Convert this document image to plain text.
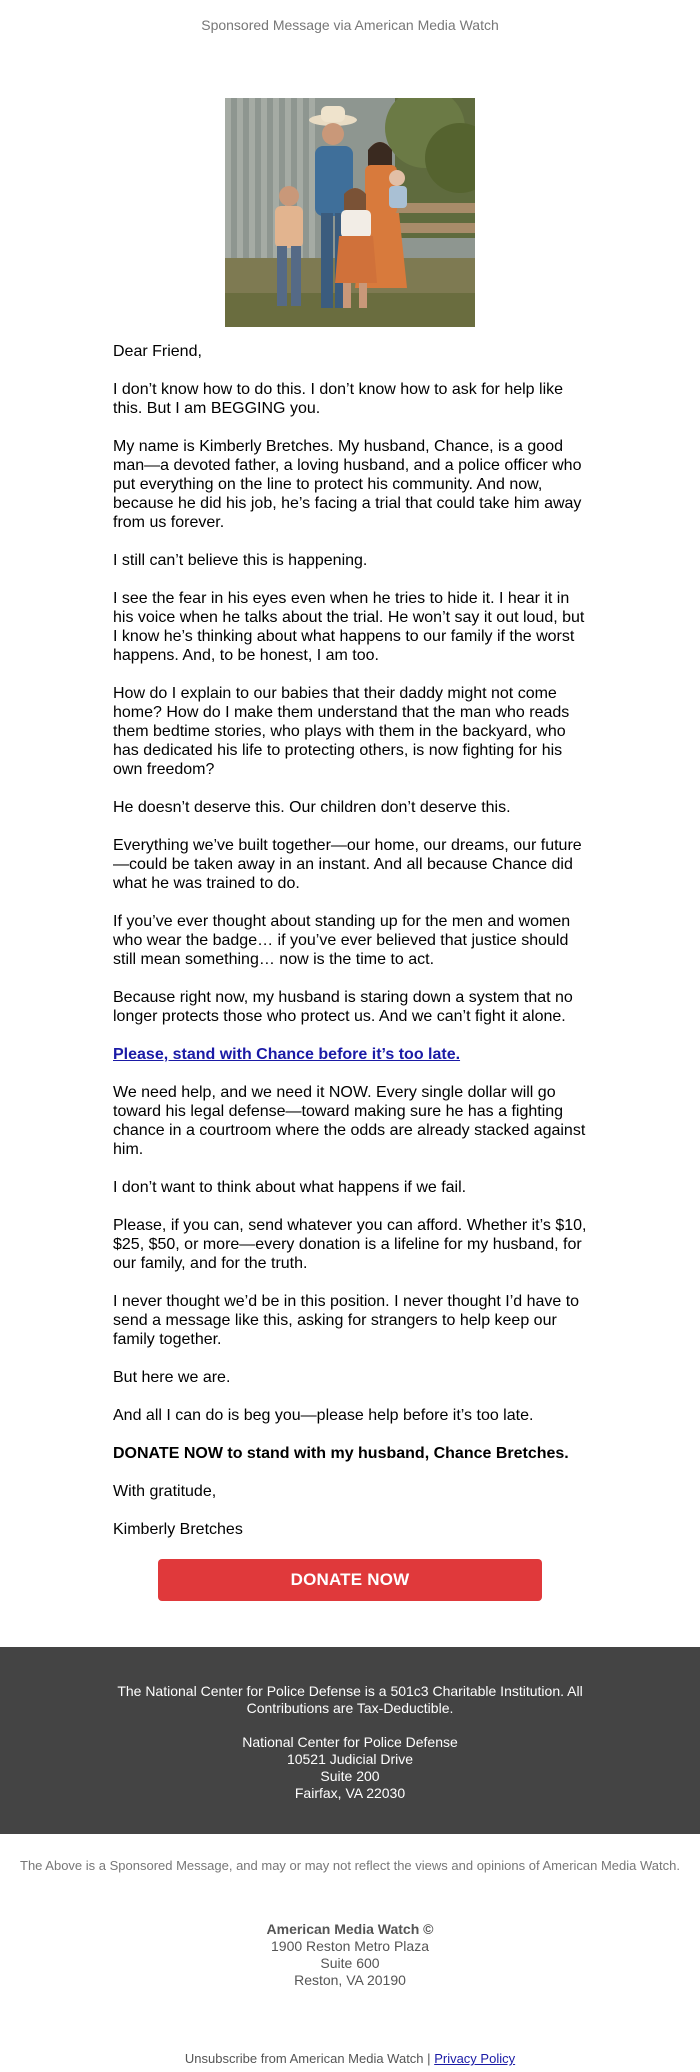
Sponsored Message via American Media Watch

Dear Friend,

I don’t know how to do this. I don’t know how to ask for help like this. But I am BEGGING you.

My name is Kimberly Bretches. My husband, Chance, is a good man—a devoted father, a loving husband, and a police officer who put everything on the line to protect his community. And now, because he did his job, he’s facing a trial that could take him away from us forever.

I still can’t believe this is happening.

I see the fear in his eyes even when he tries to hide it. I hear it in his voice when he talks about the trial. He won’t say it out loud, but I know he’s thinking about what happens to our family if the worst happens. And, to be honest, I am too.

How do I explain to our babies that their daddy might not come home? How do I make them understand that the man who reads them bedtime stories, who plays with them in the backyard, who has dedicated his life to protecting others, is now fighting for his own freedom?

He doesn’t deserve this. Our children don’t deserve this.

Everything we’ve built together—our home, our dreams, our future—could be taken away in an instant. And all because Chance did what he was trained to do.

If you’ve ever thought about standing up for the men and women who wear the badge… if you’ve ever believed that justice should still mean something… now is the time to act.

Because right now, my husband is staring down a system that no longer protects those who protect us. And we can’t fight it alone.

Please, stand with Chance before it’s too late.

We need help, and we need it NOW. Every single dollar will go toward his legal defense—toward making sure he has a fighting chance in a courtroom where the odds are already stacked against him.

I don’t want to think about what happens if we fail.

Please, if you can, send whatever you can afford. Whether it’s $10, $25, $50, or more—every donation is a lifeline for my husband, for our family, and for the truth.

I never thought we’d be in this position. I never thought I’d have to send a message like this, asking for strangers to help keep our family together.

But here we are.

And all I can do is beg you—please help before it’s too late.

DONATE NOW to stand with my husband, Chance Bretches.

With gratitude,

Kimberly Bretches

DONATE NOW
The National Center for Police Defense is a 501c3 Charitable Institution. All Contributions are Tax-Deductible.
National Center for Police Defense
10521 Judicial Drive
Suite 200
Fairfax, VA 22030
The Above is a Sponsored Message, and may or may not reflect the views and opinions of American Media Watch.
American Media Watch ©
1900 Reston Metro Plaza
Suite 600
Reston, VA 20190
Unsubscribe from American Media Watch | Privacy Policy
